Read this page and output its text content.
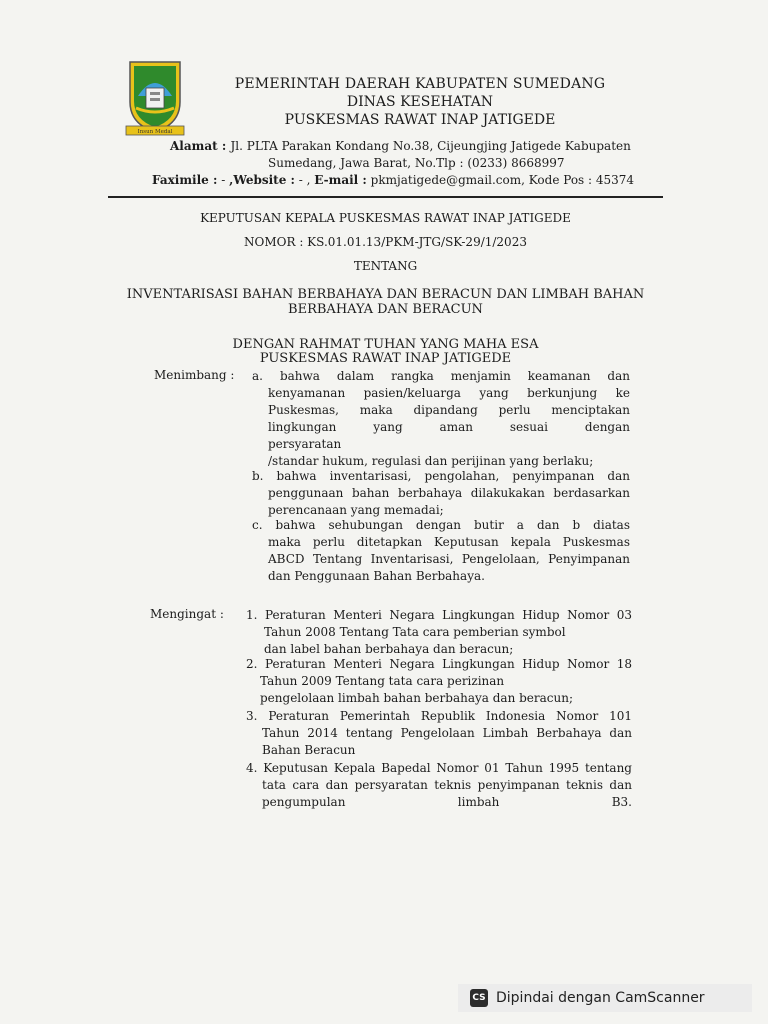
Insun Medal
PEMERINTAH DAERAH KABUPATEN SUMEDANG
DINAS KESEHATAN
PUSKESMAS RAWAT INAP JATIGEDE
Alamat : Jl. PLTA Parakan Kondang No.38, Cijeungjing Jatigede Kabupaten
Sumedang, Jawa Barat, No.Tlp : (0233) 8668997
Faximile : - ,Website : - , E-mail : pkmjatigede@gmail.com, Kode Pos : 45374
KEPUTUSAN KEPALA PUSKESMAS RAWAT INAP JATIGEDE
NOMOR : KS.01.01.13/PKM-JTG/SK-29/1/2023
TENTANG
INVENTARISASI BAHAN BERBAHAYA DAN BERACUN DAN LIMBAH BAHAN
BERBAHAYA DAN BERACUN
DENGAN RAHMAT TUHAN YANG MAHA ESA
PUSKESMAS RAWAT INAP JATIGEDE
Menimbang : a. bahwa dalam rangka menjamin keamanan dan
kenyamanan pasien/keluarga yang berkunjung ke
Puskesmas, maka dipandang perlu menciptakan
lingkungan yang aman sesuai dengan
persyaratan
/standar hukum, regulasi dan perijinan yang berlaku;
b. bahwa inventarisasi, pengolahan, penyimpanan dan
penggunaan bahan berbahaya dilakukakan berdasarkan
perencanaan yang memadai;
c. bahwa sehubungan dengan butir a dan b diatas
maka perlu ditetapkan Keputusan kepala Puskesmas
ABCD Tentang Inventarisasi, Pengelolaan, Penyimpanan
dan Penggunaan Bahan Berbahaya.
Mengingat : 1. Peraturan Menteri Negara Lingkungan Hidup Nomor 03
Tahun 2008 Tentang Tata cara pemberian symbol
dan label bahan berbahaya dan beracun;
2. Peraturan Menteri Negara Lingkungan Hidup Nomor 18
Tahun 2009 Tentang tata cara perizinan
pengelolaan limbah bahan berbahaya dan beracun;
3. Peraturan Pemerintah Republik Indonesia Nomor 101
Tahun 2014 tentang Pengelolaan Limbah Berbahaya dan
Bahan Beracun
4. Keputusan Kepala Bapedal Nomor 01 Tahun 1995 tentang
tata cara dan persyaratan teknis penyimpanan teknis dan
pengumpulan limbah B3.
CS Dipindai dengan CamScanner
